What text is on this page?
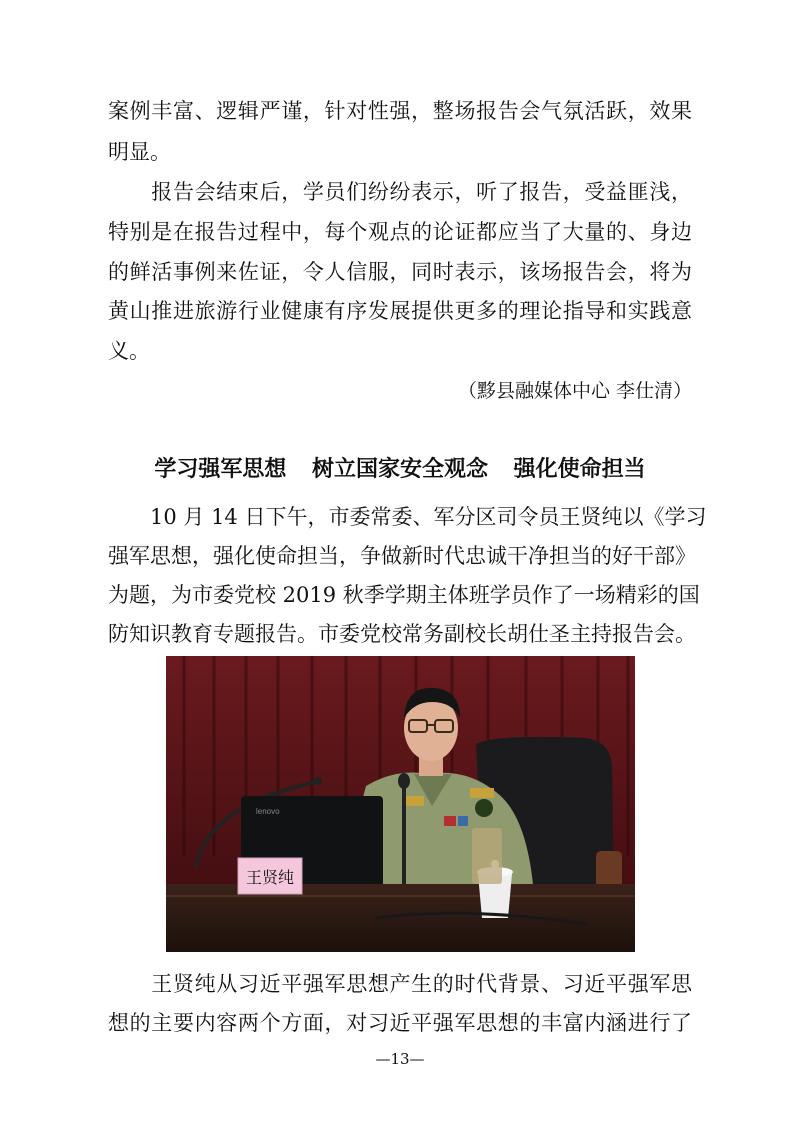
案例丰富、逻辑严谨，针对性强，整场报告会气氛活跃，效果
明显。
　　报告会结束后，学员们纷纷表示，听了报告，受益匪浅，
特别是在报告过程中，每个观点的论证都应当了大量的、身边
的鲜活事例来佐证，令人信服，同时表示，该场报告会，将为
黄山推进旅游行业健康有序发展提供更多的理论指导和实践意
义。
（黟县融媒体中心 李仕清）
学习强军思想 树立国家安全观念 强化使命担当
　　10 月 14 日下午，市委常委、军分区司令员王贤纯以《学习
强军思想，强化使命担当，争做新时代忠诚干净担当的好干部》
为题，为市委党校 2019 秋季学期主体班学员作了一场精彩的国
防知识教育专题报告。市委党校常务副校长胡仕圣主持报告会。
lenovo
王贤纯
　　王贤纯从习近平强军思想产生的时代背景、习近平强军思
想的主要内容两个方面，对习近平强军思想的丰富内涵进行了
—13—
